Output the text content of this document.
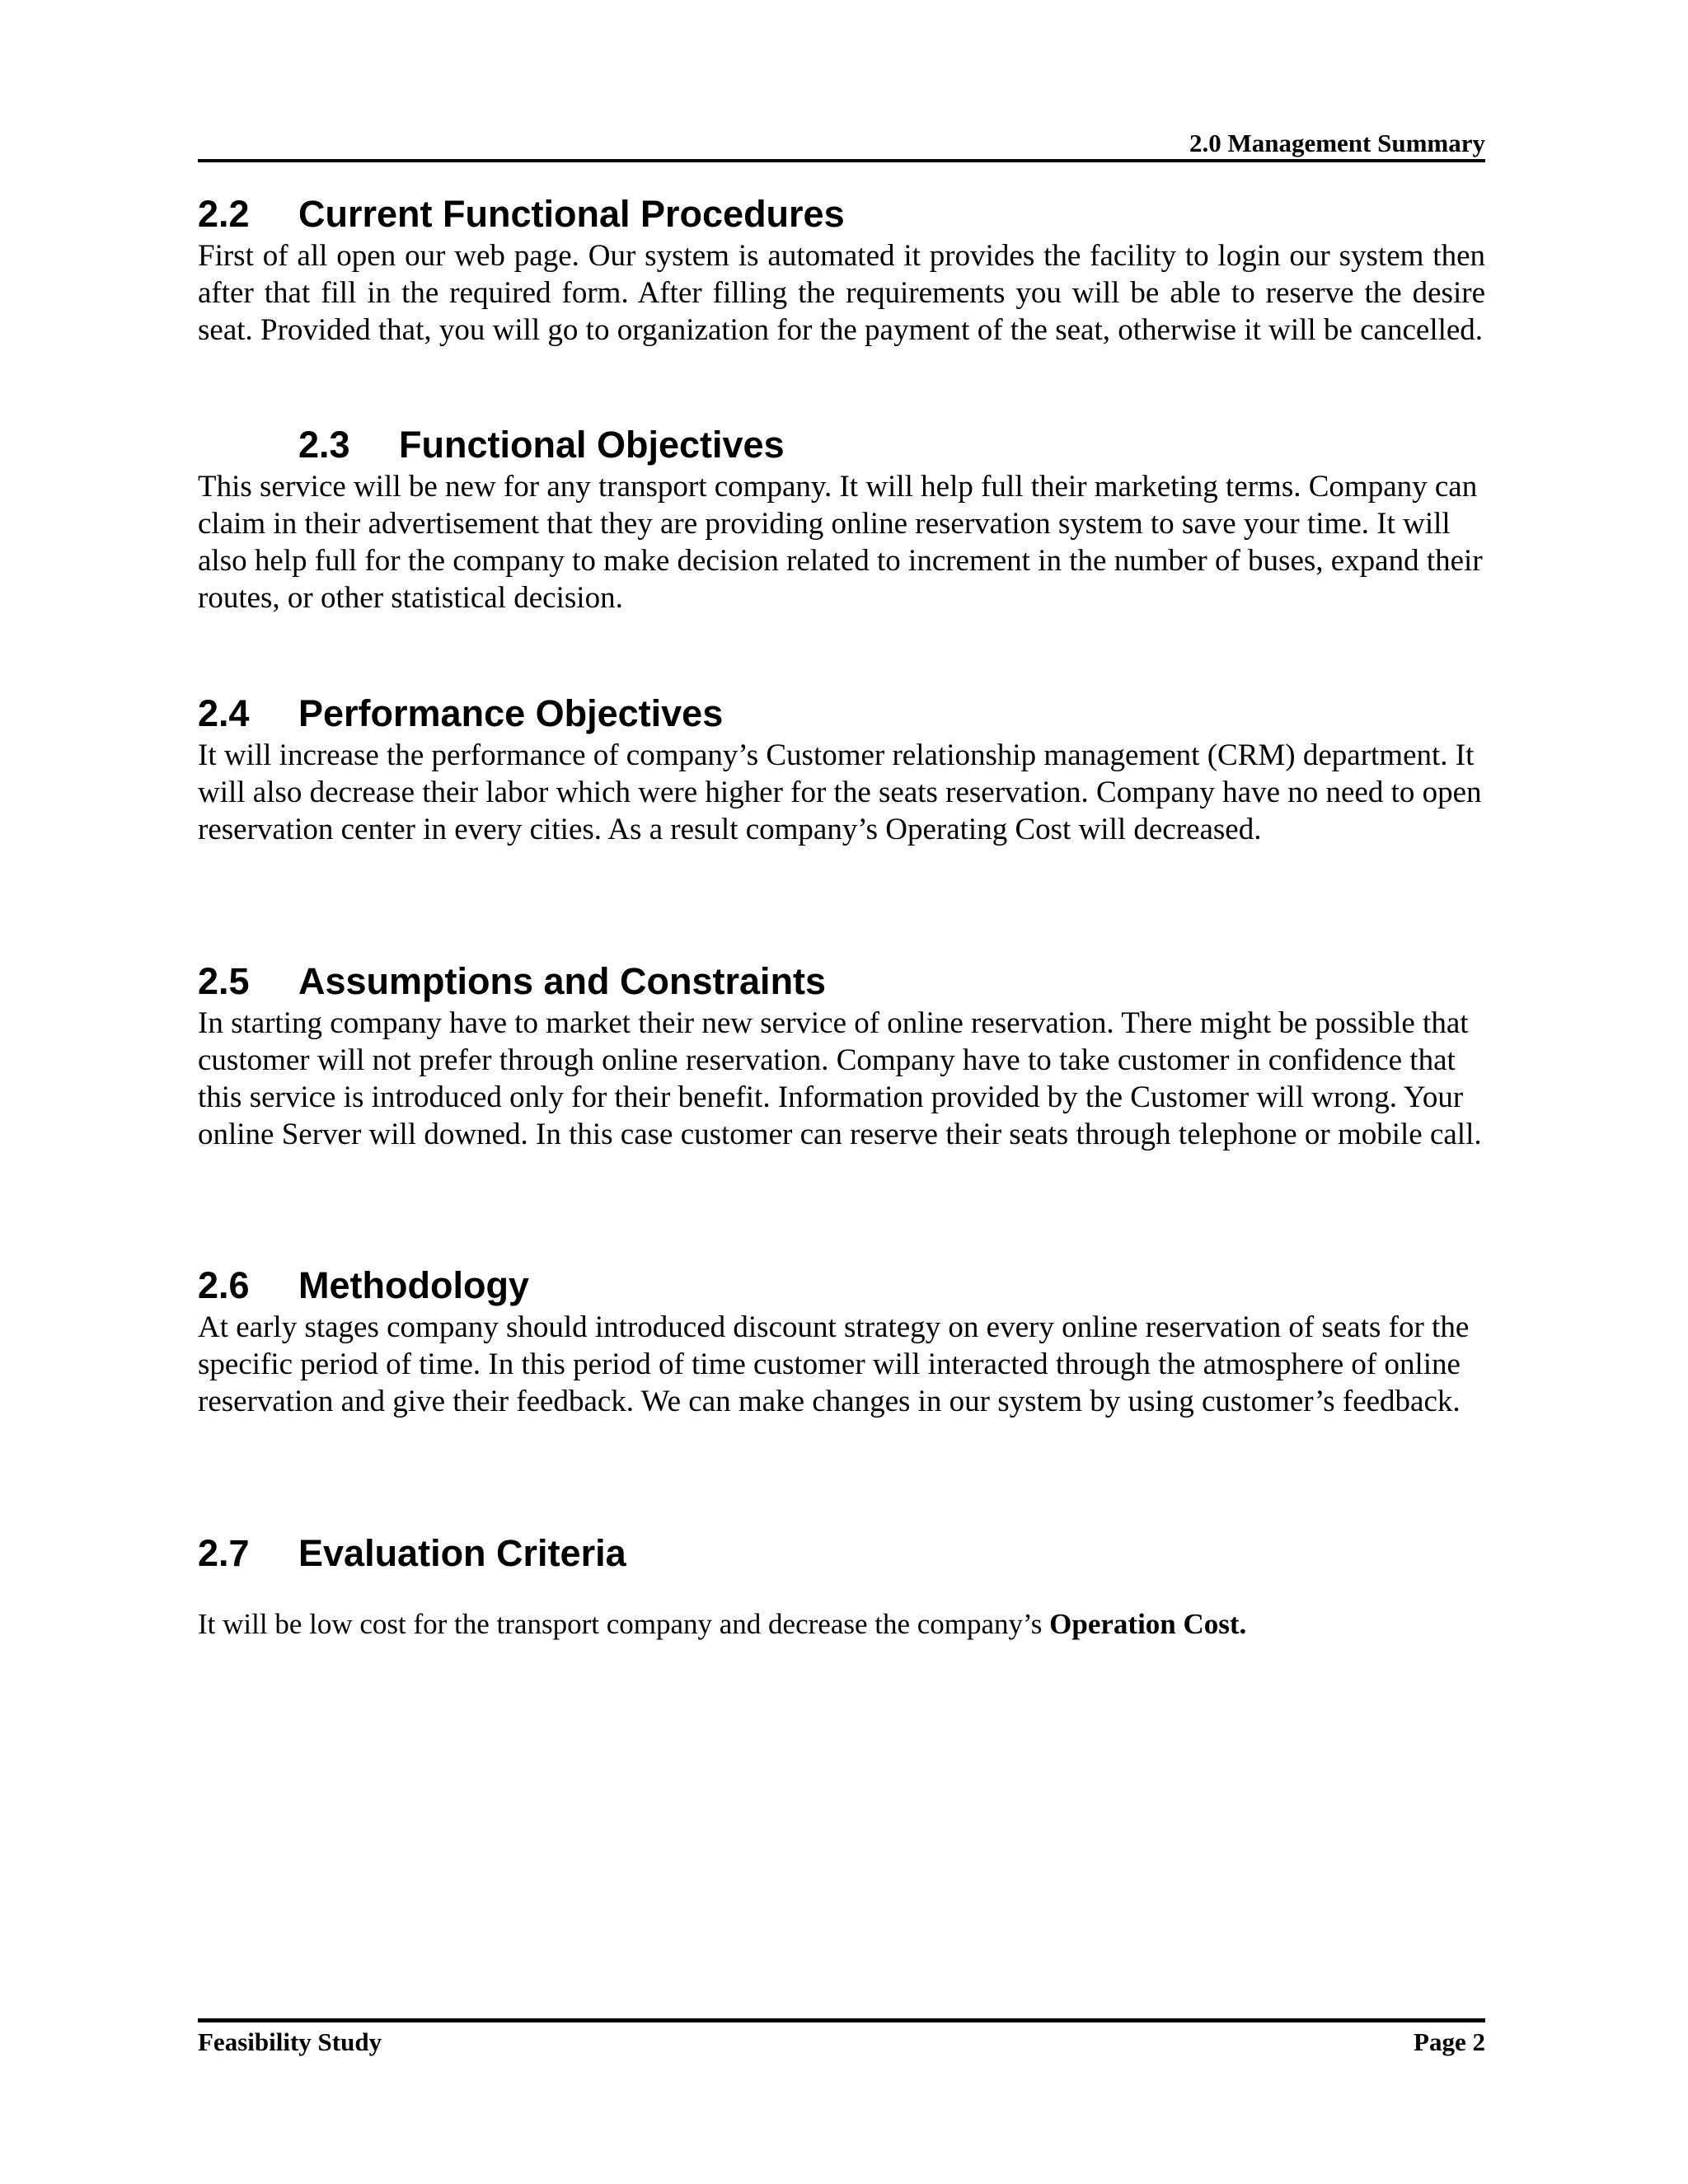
2.0 Management Summary
2.2 Current Functional Procedures

First of all open our web page. Our system is automated it provides the facility to login our system then after that fill in the required form. After filling the requirements you will be able to reserve the desire seat. Provided that, you will go to organization for the payment of the seat, otherwise it will be cancelled.

2.3 Functional Objectives

This service will be new for any transport company. It will help full their marketing terms. Company can claim in their advertisement that they are providing online reservation system to save your time. It will also help full for the company to make decision related to increment in the number of buses, expand their routes, or other statistical decision.

2.4 Performance Objectives

It will increase the performance of company’s Customer relationship management (CRM) department. It will also decrease their labor which were higher for the seats reservation. Company have no need to open reservation center in every cities. As a result company’s Operating Cost will decreased.

2.5 Assumptions and Constraints

In starting company have to market their new service of online reservation. There might be possible that customer will not prefer through online reservation. Company have to take customer in confidence that this service is introduced only for their benefit. Information provided by the Customer will wrong. Your online Server will downed. In this case customer can reserve their seats through telephone or mobile call.

2.6 Methodology

At early stages company should introduced discount strategy on every online reservation of seats for the specific period of time. In this period of time customer will interacted through the atmosphere of online reservation and give their feedback. We can make changes in our system by using customer’s feedback.

2.7 Evaluation Criteria

It will be low cost for the transport company and decrease the company’s Operation Cost.

Feasibility Study	Page 2
